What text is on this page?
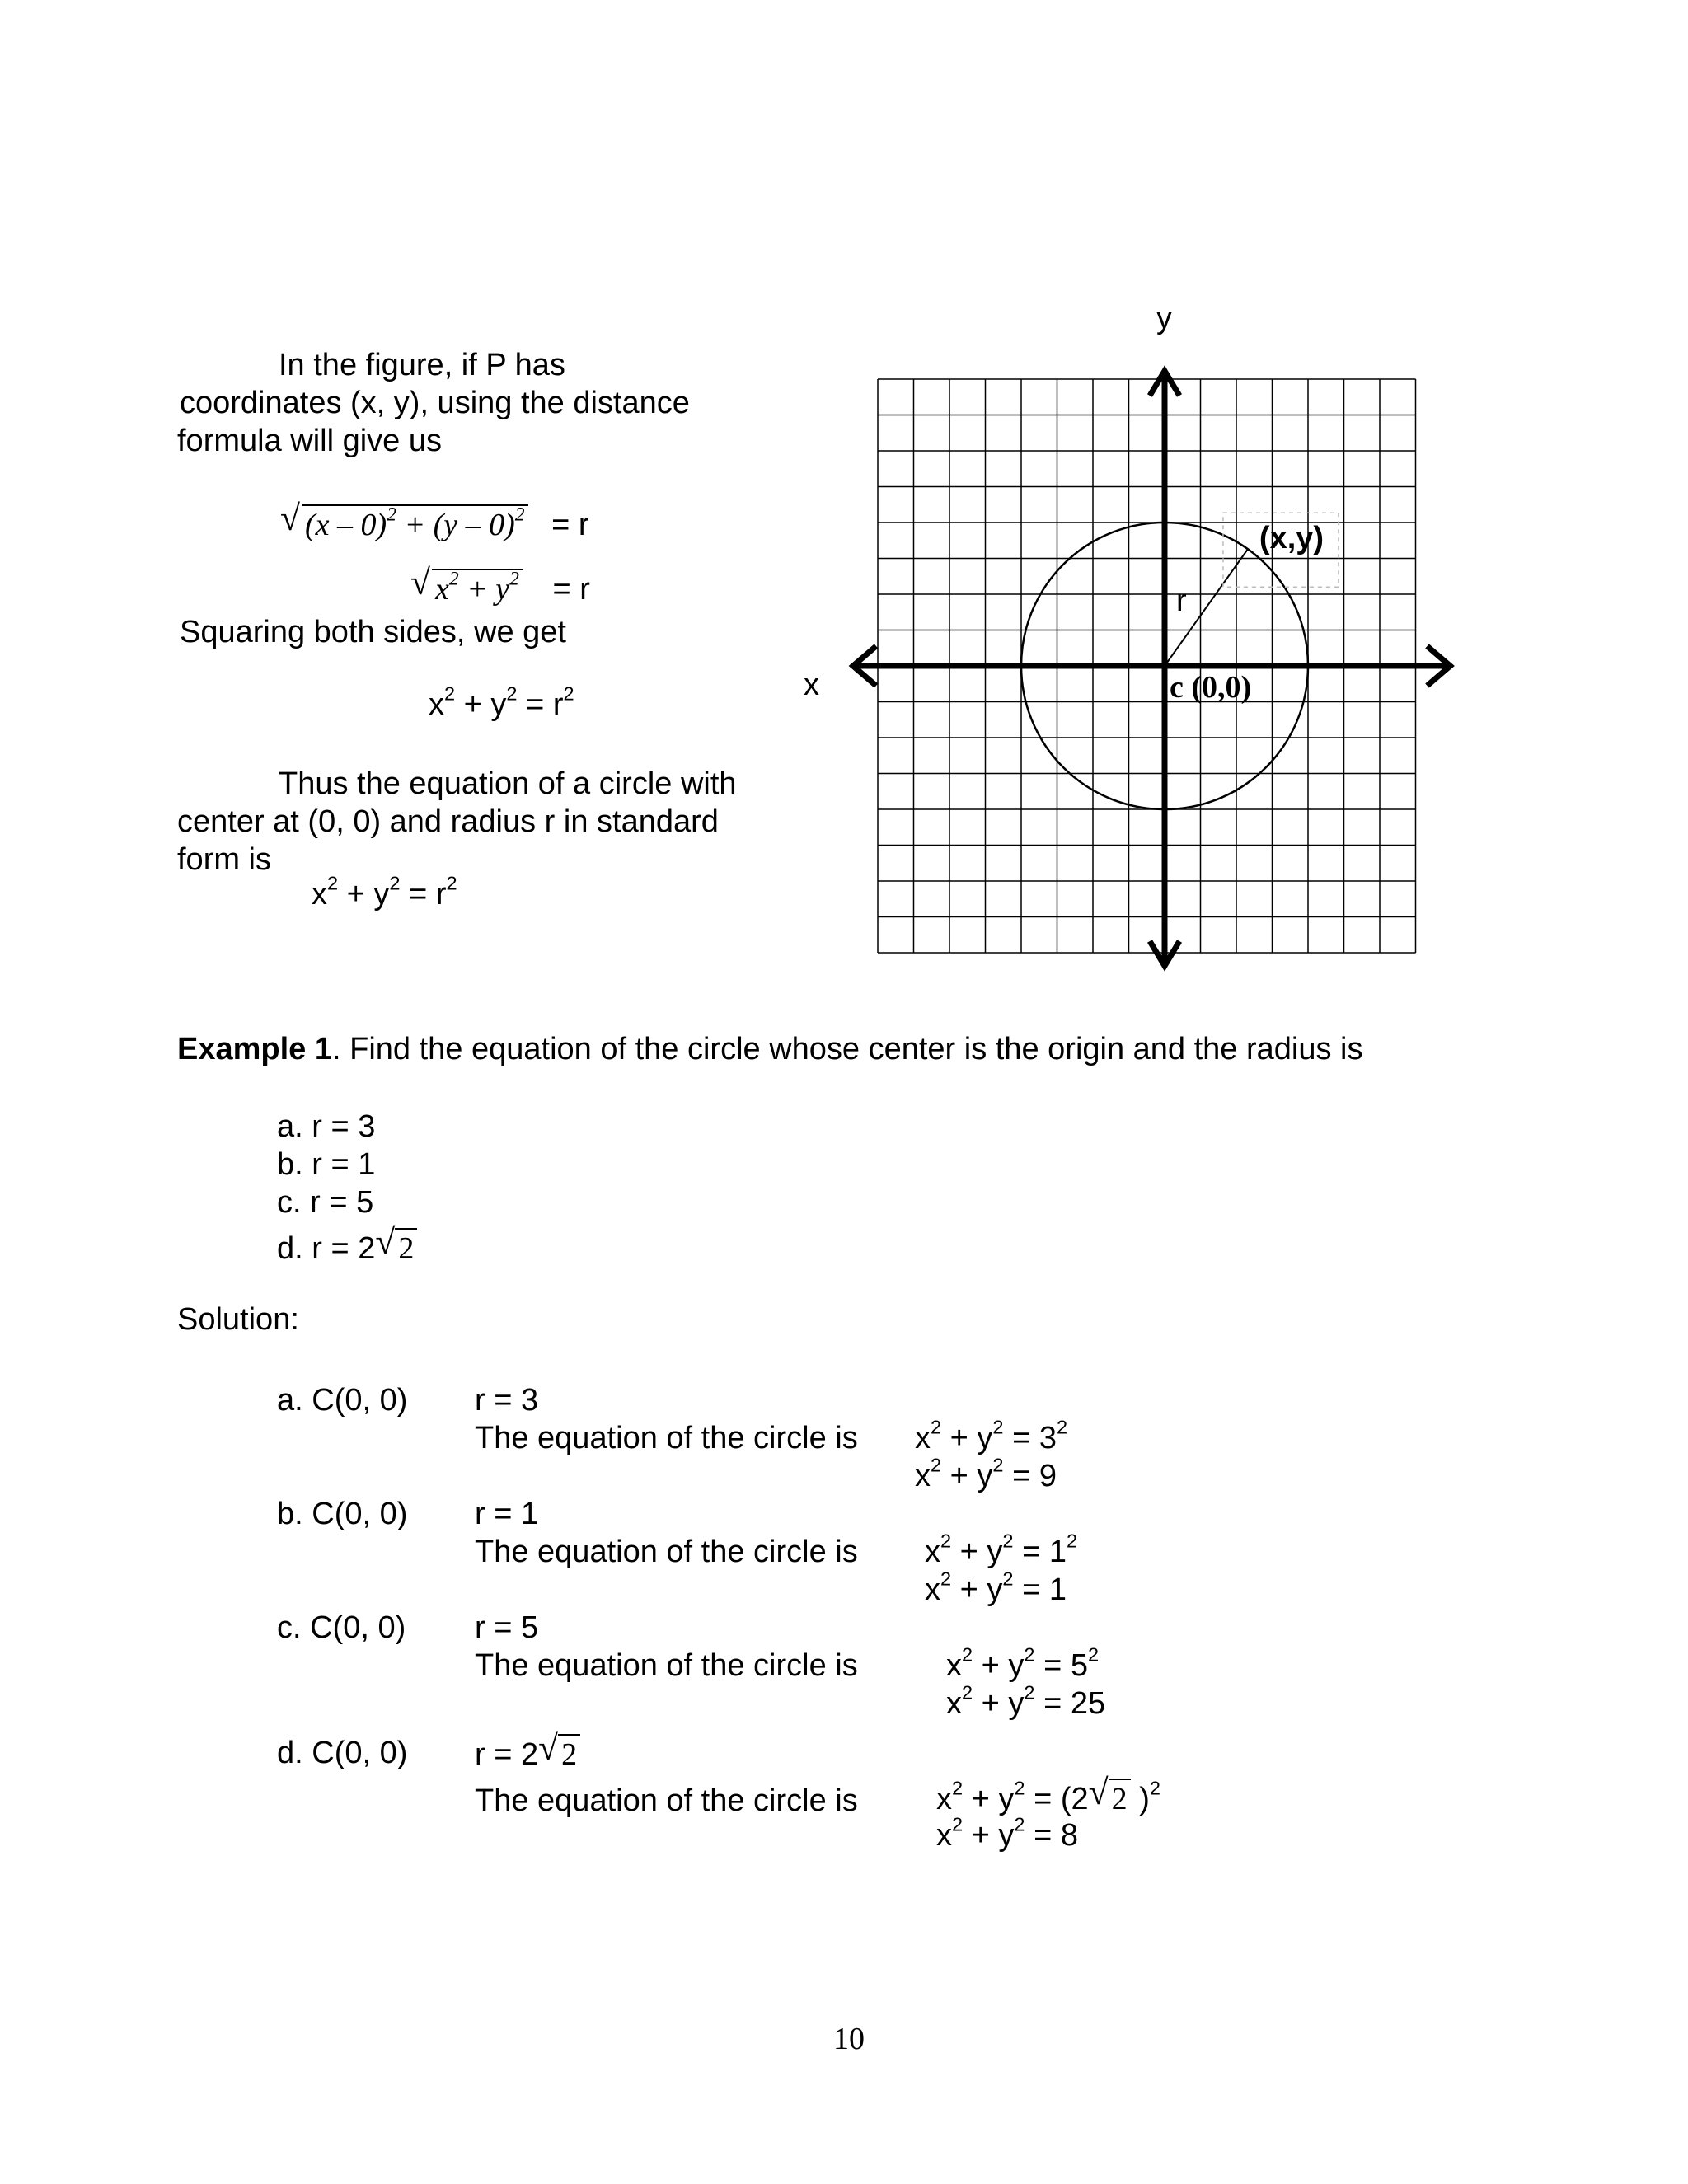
In the figure, if P has
coordinates (x, y), using the distance
formula will give us
√ (x – 0)$^2$ + (y – 0)$^2$ = r
√ $x^2 + y^2 = r$
Squaring both sides, we get
$x^2 + y^2 = r^2$
Thus the equation of a circle with
center at (0, 0) and radius r in standard
form is
$x^2 + y^2 = r^2$
y
x
r
(x,y)
c (0,0)
Example 1. Find the equation of the circle whose center is the origin and the radius is
a. r = 3
b. r = 1
c. r = 5
d. r = 2 √ 2
Solution:
a. C(0, 0) r = 3
The equation of the circle is $x^2 + y^2 = 3^2$
$x^2 + y^2 = 9$
b. C(0, 0) r = 1
The equation of the circle is $x^2 + y^2 = 1^2$
$x^2 + y^2 = 1$
c. C(0, 0) r = 5
The equation of the circle is	$x^2 + y^2 = 5^2$
$x^2 + y^2 = 25$
d. C(0, 0) r = 2 √ 2
The equation of the circle is	$x^2 + y^2 = (2$ √ 2 )$^2$
$x^2 + y^2 = 8$
10
